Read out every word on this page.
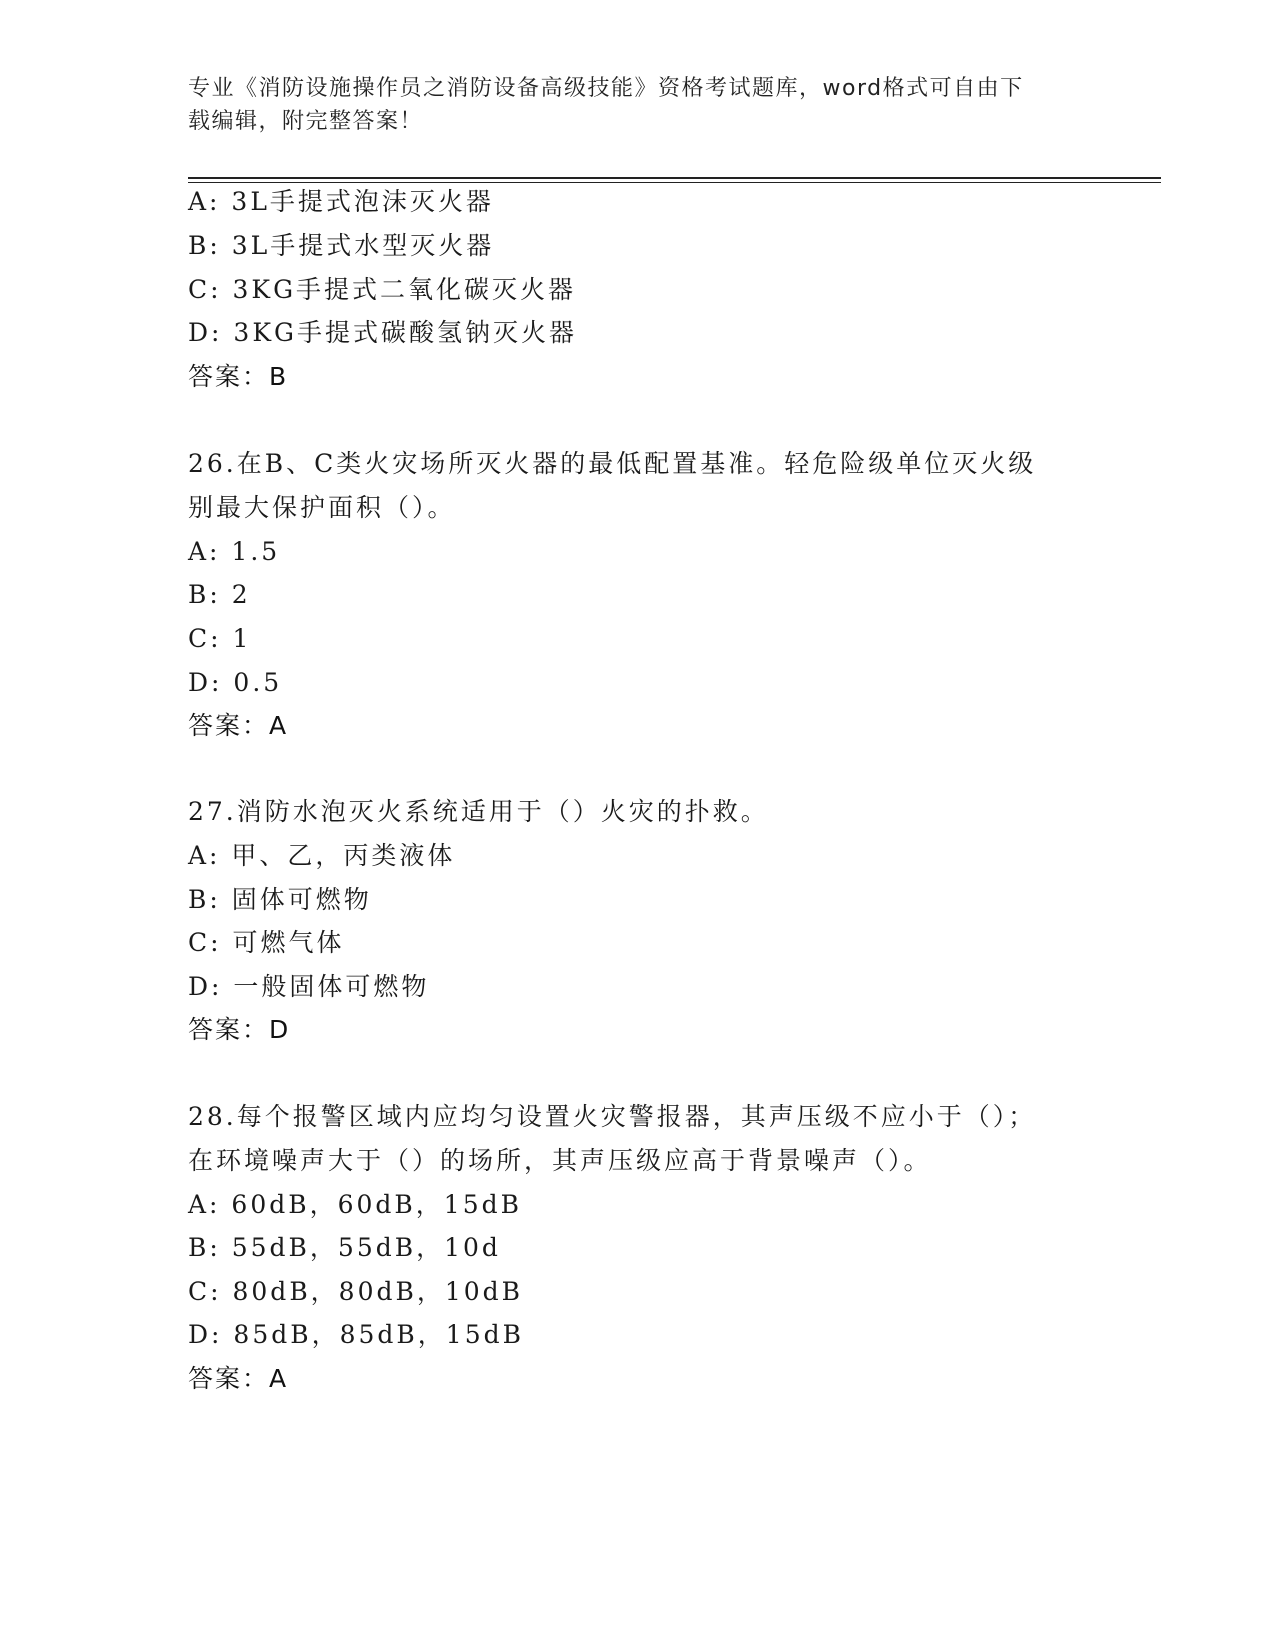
专业《消防设施操作员之消防设备高级技能》资格考试题库，word格式可自由下
载编辑，附完整答案！
A: 3L手提式泡沫灭火器
B: 3L手提式水型灭火器
C: 3KG手提式二氧化碳灭火器
D: 3KG手提式碳酸氢钠灭火器
答案：B
26.在B、C类火灾场所灭火器的最低配置基准。轻危险级单位灭火级
别最大保护面积（）。
A: 1.5
B: 2
C: 1
D: 0.5
答案：A
27.消防水泡灭火系统适用于（）火灾的扑救。
A: 甲、乙，丙类液体
B: 固体可燃物
C: 可燃气体
D: 一般固体可燃物
答案：D
28.每个报警区域内应均匀设置火灾警报器，其声压级不应小于（）；
在环境噪声大于（）的场所，其声压级应高于背景噪声（）。
A: 60dB，60dB，15dB
B: 55dB，55dB，10d
C: 80dB，80dB，10dB
D: 85dB，85dB，15dB
答案：A
